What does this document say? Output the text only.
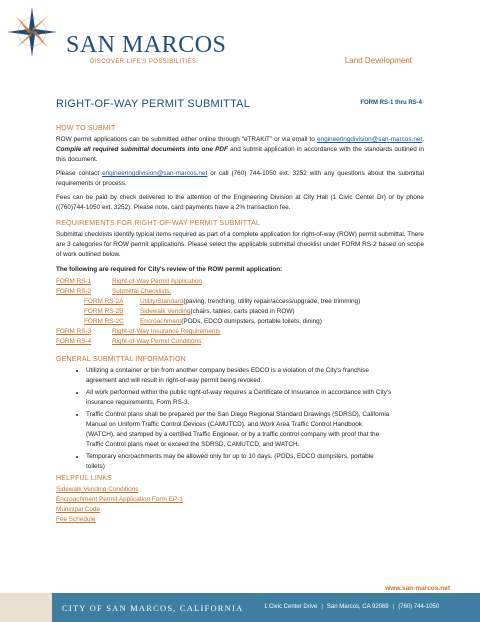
SAN MARCOS
DISCOVER LIFE'S POSSIBILITIES	Land Development
RIGHT-OF-WAY PERMIT SUBMITTAL	FORM RS-1 thru RS-4
HOW TO SUBMIT

ROW permit applications can be submitted either online through “eTRAKiT” or via email to engineeringdivision@san-marcos.net. Compile all required submittal documents into one PDF and submit application in accordance with the standards outlined in this document.

Please contact engineeringdivision@san-marcos.net or call (760) 744-1050 ext. 3252 with any questions about the submittal requirements or process.

Fees can be paid by check delivered to the attention of the Engineering Division at City Hall (1 Civic Center Dr) or by phone ((760)744-1050 ext. 3252). Please note, card payments have a 2% transaction fee.

REQUIREMENTS FOR RIGHT-OF-WAY PERMIT SUBMITTAL

Submittal checklists identify typical items required as part of a complete application for right-of-way (ROW) permit submittal. There are 3 categories for ROW permit applications. Please select the applicable submittal checklist under FORM RS-2 based on scope of work outlined below.

The following are required for City's review of the ROW permit application:

FORM RS-1	Right-of-Way Permit Application
FORM RS-2	Submittal Checklists:
FORM RS-2A	Utility/Standard (paving, trenching, utility repair/access/upgrade, tree trimming)
FORM RS-2B	Sidewalk Vending (chairs, tables, carts placed in ROW)
FORM RS-2C	Encroachment (PODs, EDCO dumpsters, portable toilets, dining)
FORM RS-3	Right-of-Way Insurance Requirements
FORM RS-4	Right-of-Way Permit Conditions
GENERAL SUBMITTAL INFORMATION
• Utilizing a container or bin from another company besides EDCO is a violation of the City's franchise agreement and will result in right-of-way permit being revoked.
• All work performed within the public right-of-way requires a Certificate of Insurance in accordance with City's insurance requirements, Form RS-3.
• Traffic Control plans shall be prepared per the San Diego Regional Standard Drawings (SDRSD), California Manual on Uniform Traffic Control Devices (CAMUTCD), and Work Area Traffic Control Handbook (WATCH), and stamped by a certified Traffic Engineer, or by a traffic control company with proof that the Traffic Control plans meet or exceed the SDRSD, CAMUTCD, and WATCH.
• Temporary encroachments may be allowed only for up to 10 days. (PODs, EDCO dumpsters, portable toilets)
HELPFUL LINKS
Sidewalk Vending Conditions
Encroachment Permit Application Form EP-1
Municipal Code
Fee Schedule
www.san-marcos.net
CITY OF SAN MARCOS, CALIFORNIA	1 Civic Center Drive | San Marcos, CA 92069 | (760) 744-1050
